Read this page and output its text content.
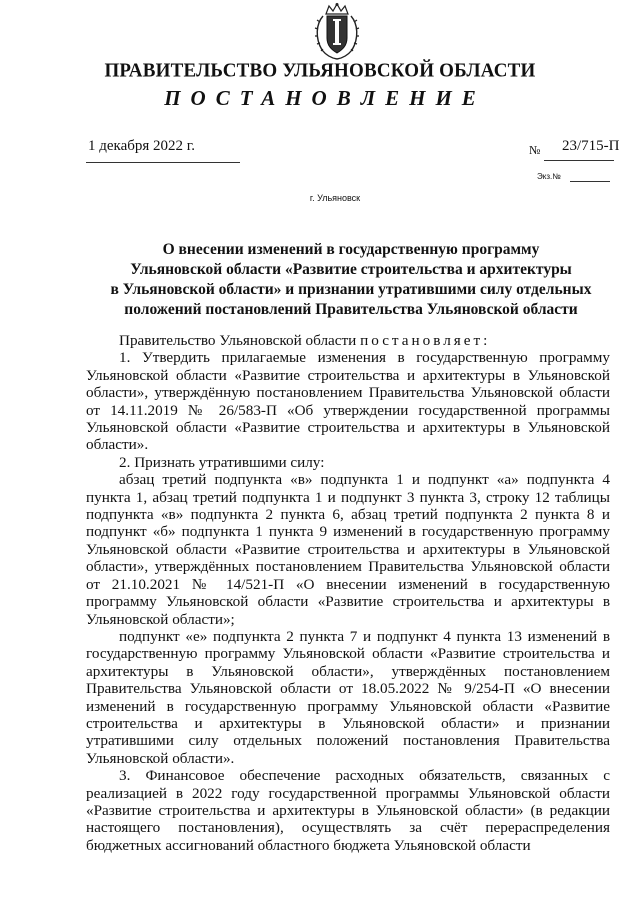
ПРАВИТЕЛЬСТВО УЛЬЯНОВСКОЙ ОБЛАСТИ
ПОСТАНОВЛЕНИЕ
1 декабря 2022 г.	№ 23/715-П
Экз.№
г. Ульяновск
О внесении изменений в государственную программу
Ульяновской области «Развитие строительства и архитектуры
в Ульяновской области» и признании утратившими силу отдельных
положений постановлений Правительства Ульяновской области

Правительство Ульяновской области постановляет:

1. Утвердить прилагаемые изменения в государственную программу Ульяновской области «Развитие строительства и архитектуры в Ульяновской области», утверждённую постановлением Правительства Ульяновской области от 14.11.2019 № 26/583-П «Об утверждении государственной программы Ульяновской области «Развитие строительства и архитектуры в Ульяновской области».

2. Признать утратившими силу:

абзац третий подпункта «в» подпункта 1 и подпункт «а» подпункта 4 пункта 1, абзац третий подпункта 1 и подпункт 3 пункта 3, строку 12 таблицы подпункта «в» подпункта 2 пункта 6, абзац третий подпункта 2 пункта 8 и подпункт «б» подпункта 1 пункта 9 изменений в государственную программу Ульяновской области «Развитие строительства и архитектуры в Ульяновской области», утверждённых постановлением Правительства Ульяновской области от 21.10.2021 № 14/521-П «О внесении изменений в государственную программу Ульяновской области «Развитие строительства и архитектуры в Ульяновской области»;

подпункт «е» подпункта 2 пункта 7 и подпункт 4 пункта 13 изменений в государственную программу Ульяновской области «Развитие строительства и архитектуры в Ульяновской области», утверждённых постановлением Правительства Ульяновской области от 18.05.2022 № 9/254-П «О внесении изменений в государственную программу Ульяновской области «Развитие строительства и архитектуры в Ульяновской области» и признании утратившими силу отдельных положений постановления Правительства Ульяновской области».

3. Финансовое обеспечение расходных обязательств, связанных с реализацией в 2022 году государственной программы Ульяновской области «Развитие строительства и архитектуры в Ульяновской области» (в редакции настоящего постановления), осуществлять за счёт перераспределения бюджетных ассигнований областного бюджета Ульяновской области
